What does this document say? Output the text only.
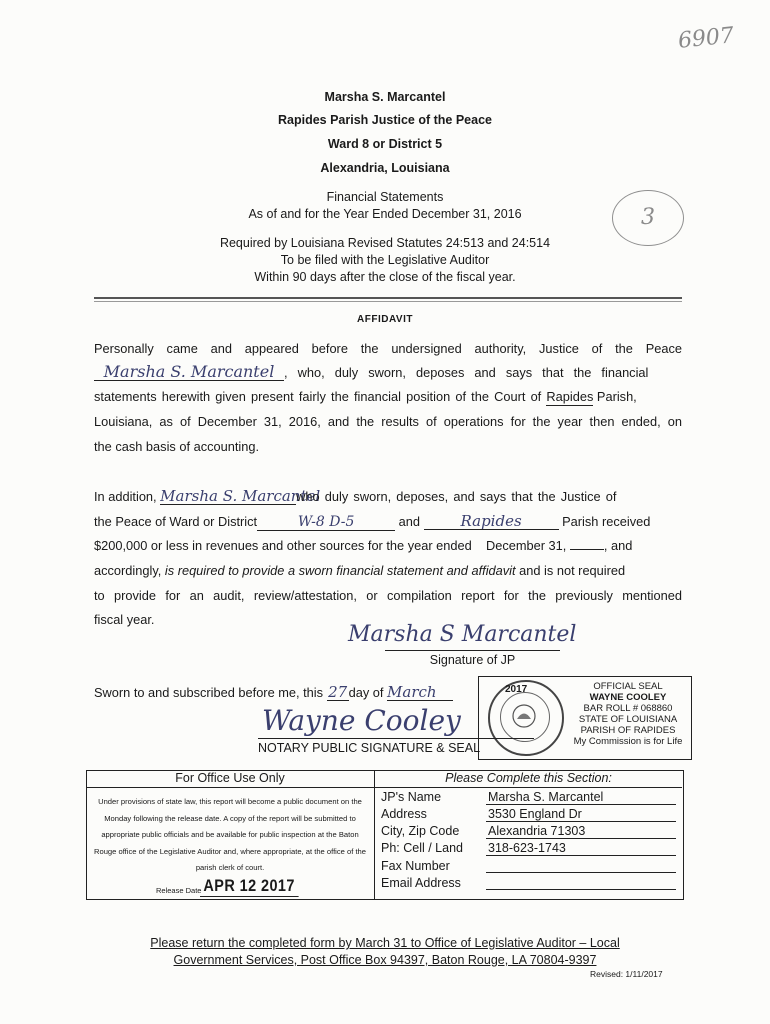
6907
3
Marsha S. Marcantel
Rapides Parish Justice of the Peace
Ward 8 or District 5
Alexandria, Louisiana
Financial Statements
As of and for the Year Ended December 31, 2016
Required by Louisiana Revised Statutes 24:513 and 24:514
To be filed with the Legislative Auditor
Within 90 days after the close of the fiscal year.
AFFIDAVIT
Personally came and appeared before the undersigned authority, Justice of the Peace
Marsha S. Marcantel , who, duly sworn, deposes and says that the financial
statements herewith given present fairly the financial position of the Court of Rapides Parish,
Louisiana, as of December 31, 2016, and the results of operations for the year then ended, on
the cash basis of accounting.
In addition, Marsha S. Marcantelwho duly sworn, deposes, and says that the Justice of
the Peace of Ward or District	W-8 D-5	and Rapides	Parish received
$200,000 or less in revenues and other sources for the year ended    December 31,	, and
accordingly, is required to provide a sworn financial statement and affidavit and is not required
to provide for an audit, review/attestation, or compilation report for the previously mentioned
fiscal year.
Marsha S Marcantel
Signature of JP
Sworn to and subscribed before me, this 27day of March	2017	OFFICIAL SEAL
WAYNE COOLEY
BAR ROLL # 068860
STATE OF LOUISIANA
PARISH OF RAPIDES
My Commission is for Life
Wayne Cooley
NOTARY PUBLIC SIGNATURE & SEAL
For Office Use Only	Please Complete this Section:
Under provisions of state law, this report will become a public document on the Monday following the release date. A copy of the report will be submitted to appropriate public officials and be available for public inspection at the Baton Rouge office of the Legislative Auditor and, where appropriate, at the office of the parish clerk of court.
Release Date APR 12 2017
JP's Name	Marsha S. Marcantel
Address	3530 England Dr
City, Zip Code Alexandria 71303
Ph: Cell / Land 318-623-1743
Fax Number
Email Address
Please return the completed form by March 31 to Office of Legislative Auditor – Local
Government Services, Post Office Box 94397, Baton Rouge, LA 70804-9397
Revised: 1/11/2017
